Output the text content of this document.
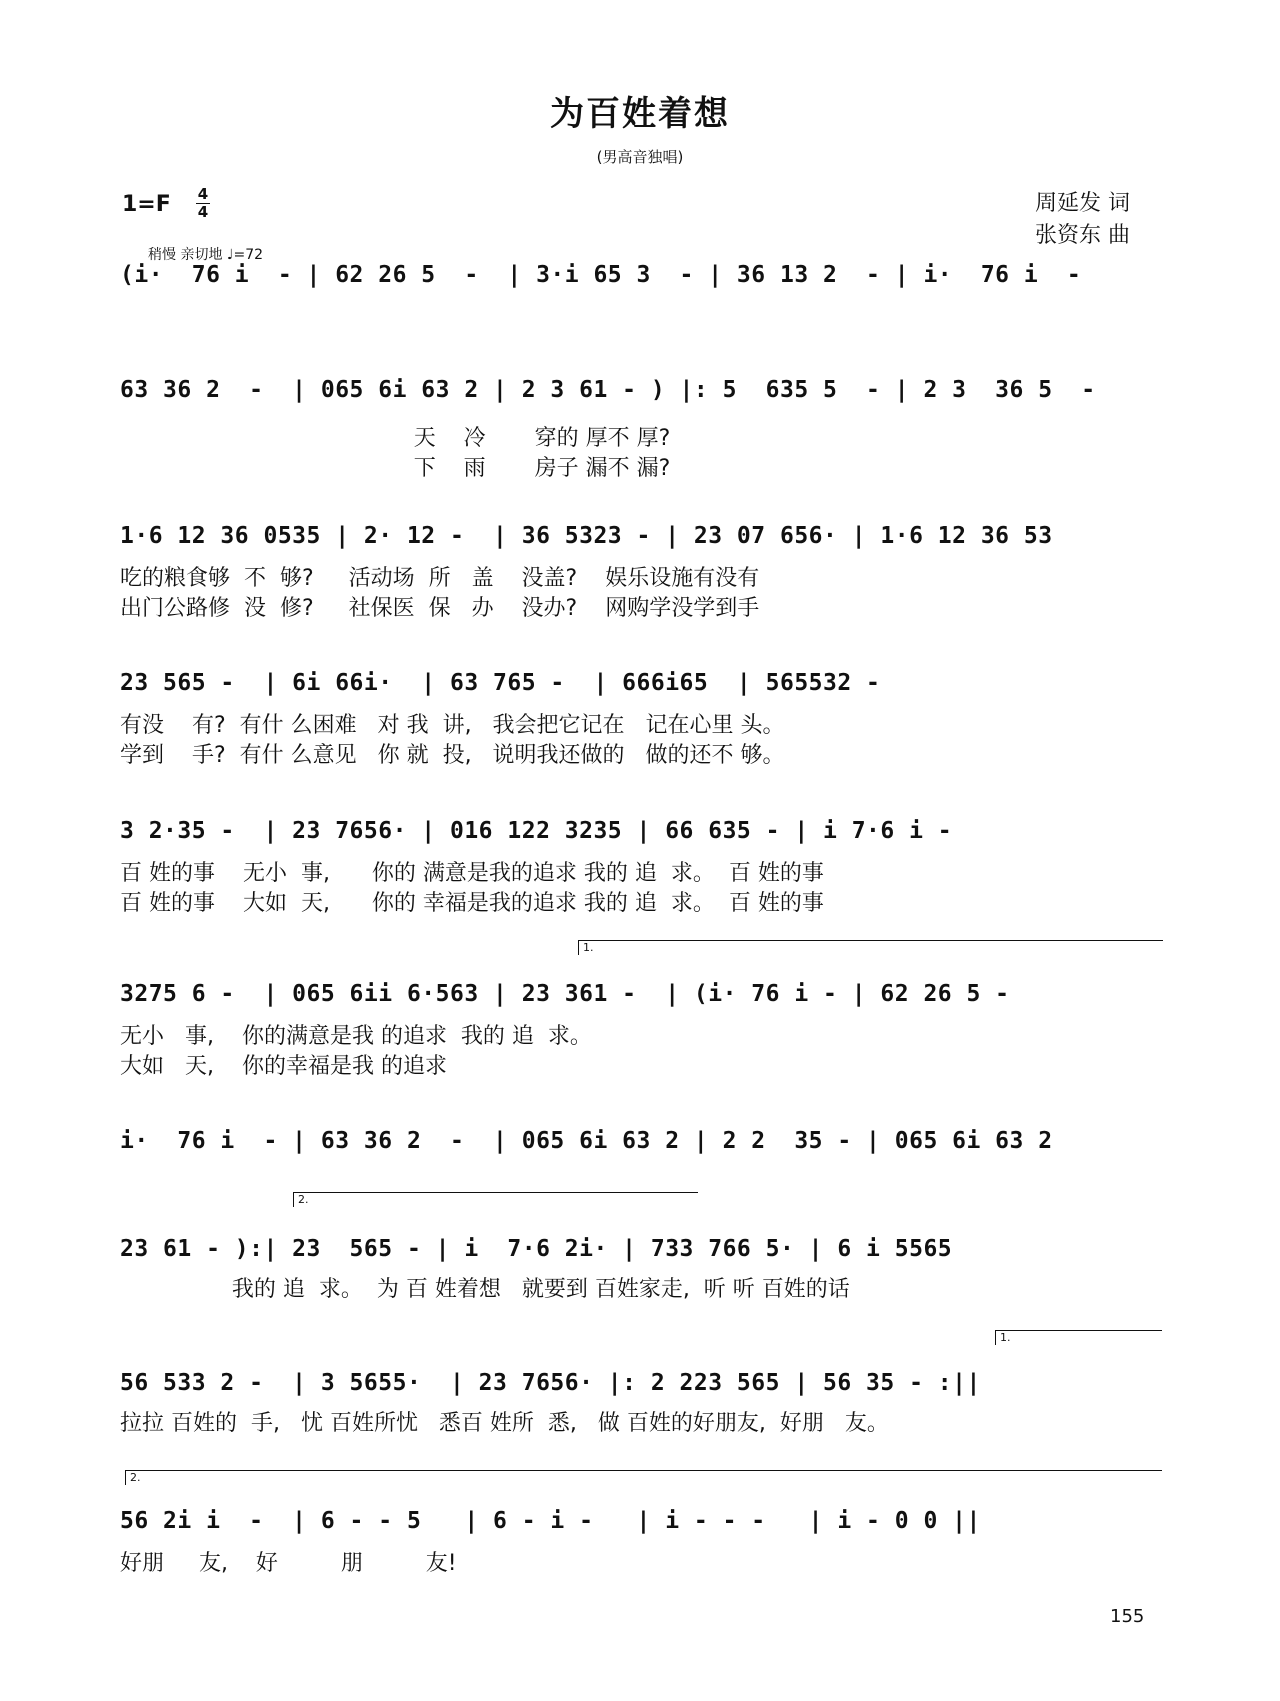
为百姓着想
(男高音独唱)
1=F 4
4
稍慢 亲切地 ♩=72
周延发 词
张资东 曲
(i·  76 i  - | 62 26 5  -  | 3·i 65 3  - | 36 13 2  - | i·  76 i  -
63 36 2  -  | 065 6i 63 2 | 2 3 61 - ) |: 5  635 5  - | 2 3  36 5  -
天    冷       穿的 厚不 厚?
下    雨       房子 漏不 漏?
1·6 12 36 0535 | 2· 12 -  | 36 5323 - | 23 07 656· | 1·6 12 36 53
吃的粮食够  不  够?     活动场  所   盖    没盖?    娱乐设施有没有
出门公路修  没  修?     社保医  保   办    没办?    网购学没学到手
23 565 -  | 6i 66i·  | 63 765 -  | 666i65  | 565532 -
有没    有?  有什 么困难   对 我  讲,   我会把它记在   记在心里 头。
学到    手?  有什 么意见   你 就  投,   说明我还做的   做的还不 够。
3 2·35 -  | 23 7656· | 016 122 3235 | 66 635 - | i 7·6 i -
百 姓的事    无小  事,      你的 满意是我的追求 我的 追  求。  百 姓的事
百 姓的事    大如  天,      你的 幸福是我的追求 我的 追  求。  百 姓的事
1.
3275 6 -  | 065 6ii 6·563 | 23 361 -  | (i· 76 i - | 62 26 5 -
无小   事,    你的满意是我 的追求  我的 追  求。
大如   天,    你的幸福是我 的追求
i·  76 i  - | 63 36 2  -  | 065 6i 63 2 | 2 2  35 - | 065 6i 63 2
2.
23 61 - ):| 23  565 - | i  7·6 2i· | 733 766 5· | 6 i 5565
我的 追  求。  为 百 姓着想   就要到 百姓家走,  听 听 百姓的话
1.
56 533 2 -  | 3 5655·  | 23 7656· |: 2 223 565 | 56 35 - :||
拉拉 百姓的  手,   忧 百姓所忧   悉百 姓所  悉,   做 百姓的好朋友,  好朋   友。
2.
56 2i i  -  | 6 - - 5   | 6 - i -   | i - - -   | i - 0 0 ||
好朋     友,    好         朋         友!
155
